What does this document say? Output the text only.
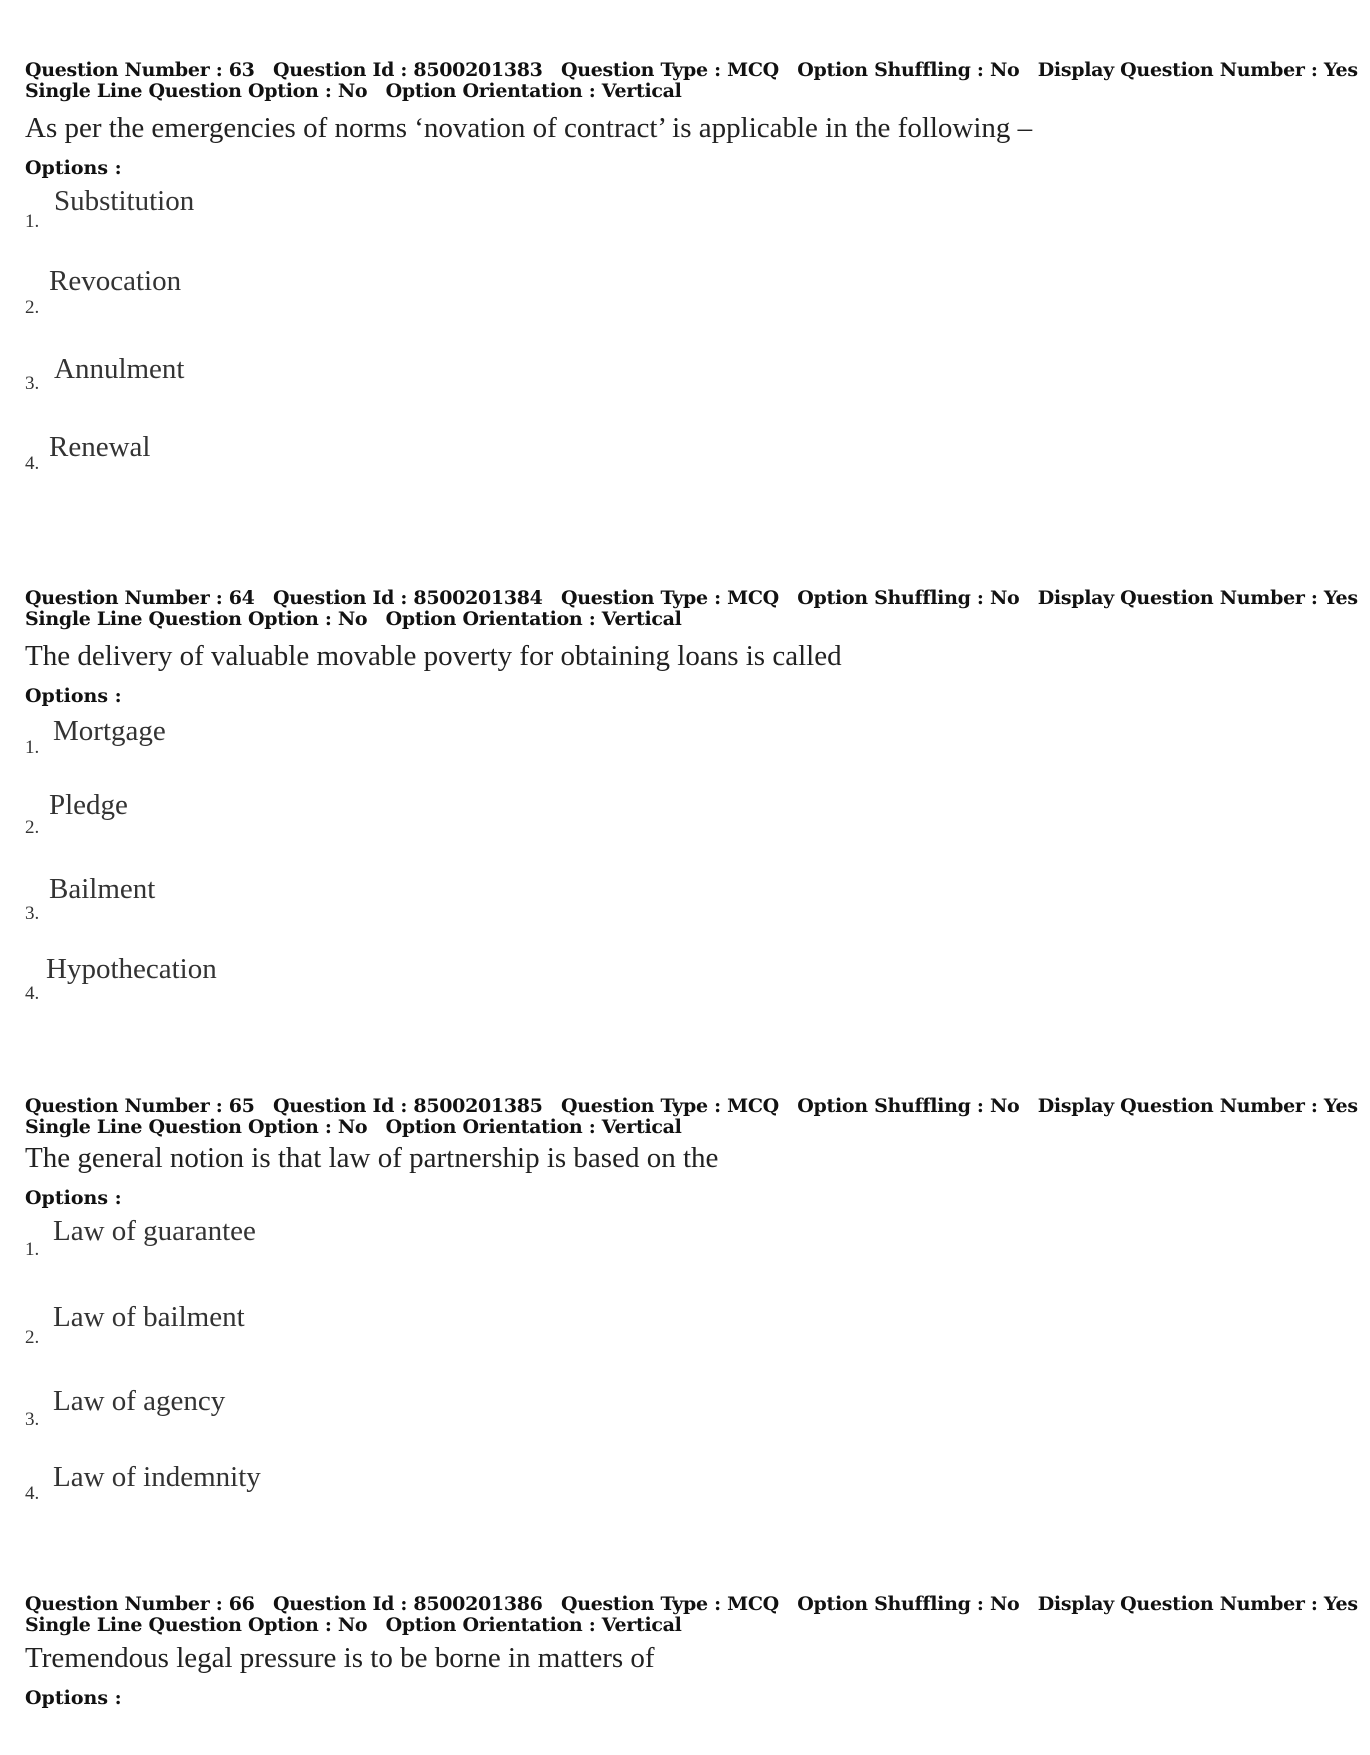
Question Number : 63 Question Id : 8500201383 Question Type : MCQ Option Shuffling : No Display Question Number : Yes
Single Line Question Option : No Option Orientation : Vertical
As per the emergencies of norms ‘novation of contract’ is applicable in the following –
Options :
1.
Substitution
2.
Revocation
3. Annulment
4.
Renewal
Question Number : 64 Question Id : 8500201384 Question Type : MCQ Option Shuffling : No Display Question Number : Yes
Single Line Question Option : No Option Orientation : Vertical
The delivery of valuable movable poverty for obtaining loans is called
Options :
1.
Mortgage
2.
Pledge
3.
Bailment
4.
Hypothecation
Question Number : 65 Question Id : 8500201385 Question Type : MCQ Option Shuffling : No Display Question Number : Yes
Single Line Question Option : No Option Orientation : Vertical
The general notion is that law of partnership is based on the
Options :
1.
Law of guarantee
2.
Law of bailment
3.
Law of agency
4.
Law of indemnity
Question Number : 66 Question Id : 8500201386 Question Type : MCQ Option Shuffling : No Display Question Number : Yes
Single Line Question Option : No Option Orientation : Vertical
Tremendous legal pressure is to be borne in matters of
Options :
